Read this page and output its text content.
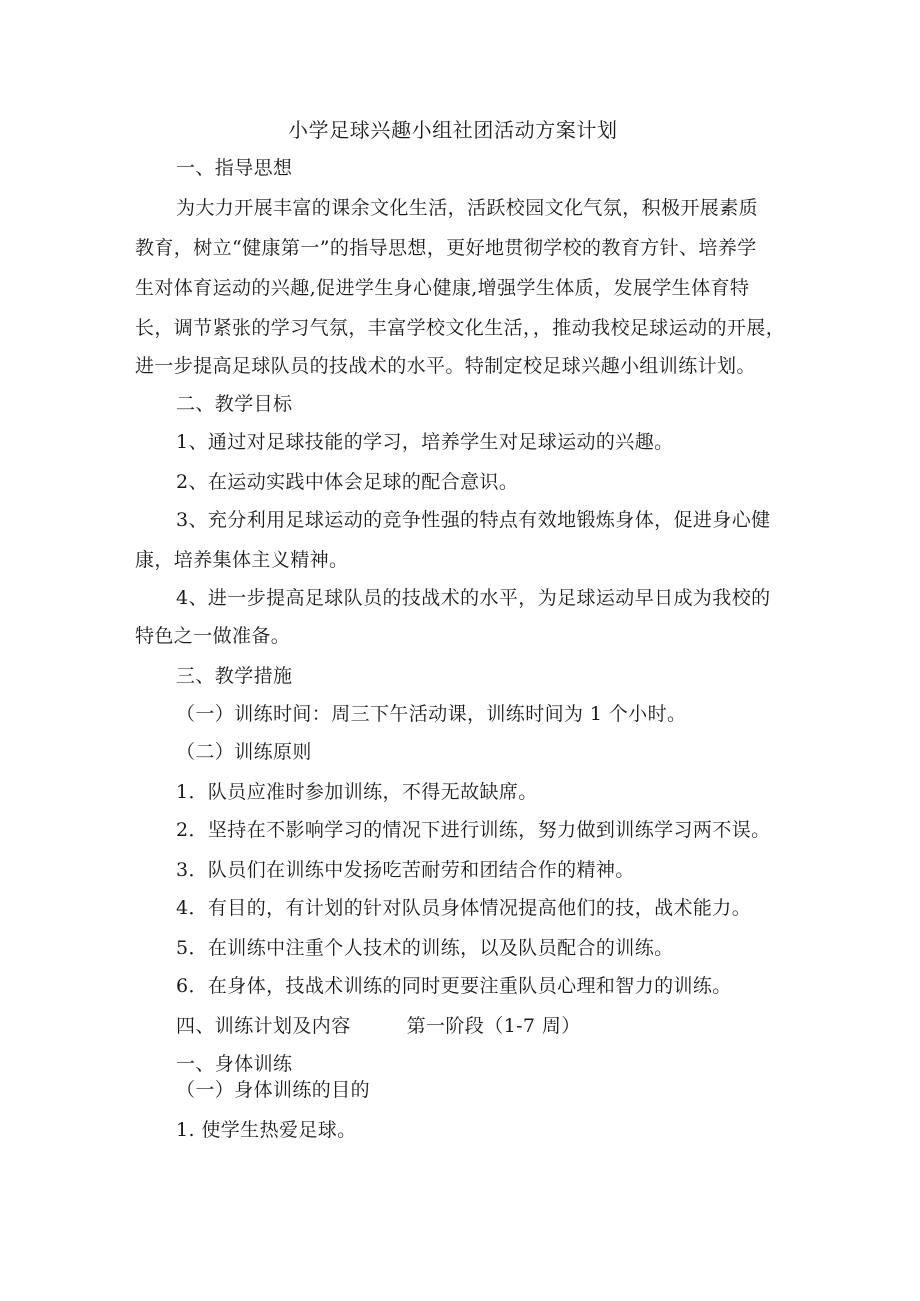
小学足球兴趣小组社团活动方案计划
一、指导思想
为大力开展丰富的课余文化生活，活跃校园文化气氛，积极开展素质
教育，树立“健康第一”的指导思想，更好地贯彻学校的教育方针、培养学
生对体育运动的兴趣,促进学生身心健康,增强学生体质，发展学生体育特
长，调节紧张的学习气氛，丰富学校文化生活，，推动我校足球运动的开展，
进一步提高足球队员的技战术的水平。特制定校足球兴趣小组训练计划。
二、教学目标
1、通过对足球技能的学习，培养学生对足球运动的兴趣。
2、在运动实践中体会足球的配合意识。
3、充分利用足球运动的竞争性强的特点有效地锻炼身体，促进身心健
康，培养集体主义精神。
4、进一步提高足球队员的技战术的水平，为足球运动早日成为我校的
特色之一做准备。
三、教学措施
（一）训练时间：周三下午活动课，训练时间为 1 个小时。
（二）训练原则
1．队员应准时参加训练，不得无故缺席。
2．坚持在不影响学习的情况下进行训练，努力做到训练学习两不误。
3．队员们在训练中发扬吃苦耐劳和团结合作的精神。
4．有目的，有计划的针对队员身体情况提高他们的技，战术能力。
5．在训练中注重个人技术的训练，以及队员配合的训练。
6．在身体，技战术训练的同时更要注重队员心理和智力的训练。
四、训练计划及内容	第一阶段（1-7 周）
一、身体训练
（一）身体训练的目的
1. 使学生热爱足球。
